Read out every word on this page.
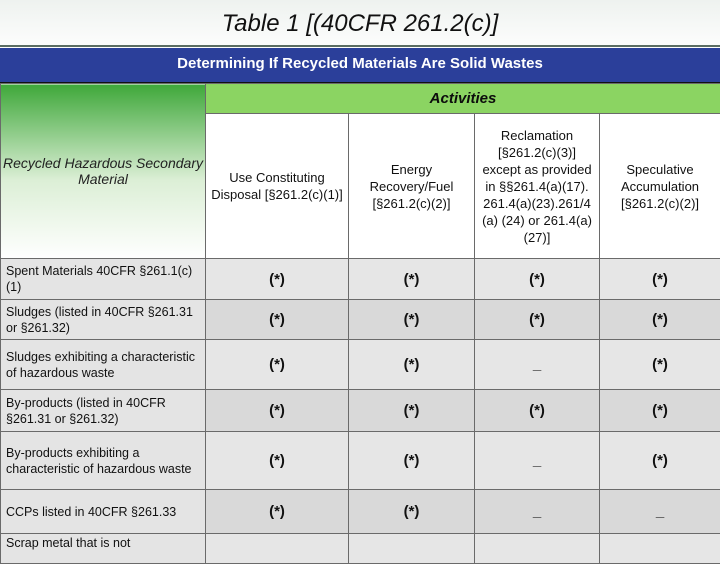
Table 1 [(40CFR 261.2(c)]
Determining If Recycled Materials Are Solid Wastes
Recycled Hazardous Secondary Material	Activities			
	Use Constituting Disposal [§261.2(c)(1)]	Energy Recovery/Fuel [§261.2(c)(2)]	Reclamation [§261.2(c)(3)] except as provided in §§261.4(a)(17). 261.4(a)(23).261/4 (a) (24) or 261.4(a)(27)]	Speculative Accumulation [§261.2(c)(2)]
Spent Materials 40CFR §261.1(c)(1)	(*)	(*)	(*)	(*)
Sludges (listed in 40CFR §261.31 or §261.32)	(*)	(*)	(*)	(*)
Sludges exhibiting a characteristic of hazardous waste	(*)	(*)	_	(*)
By-products (listed in 40CFR §261.31 or §261.32)	(*)	(*)	(*)	(*)
By-products exhibiting a characteristic of hazardous waste	(*)	(*)	_	(*)
CCPs listed in 40CFR §261.33	(*)	(*)	_	_
Scrap metal that is not				
